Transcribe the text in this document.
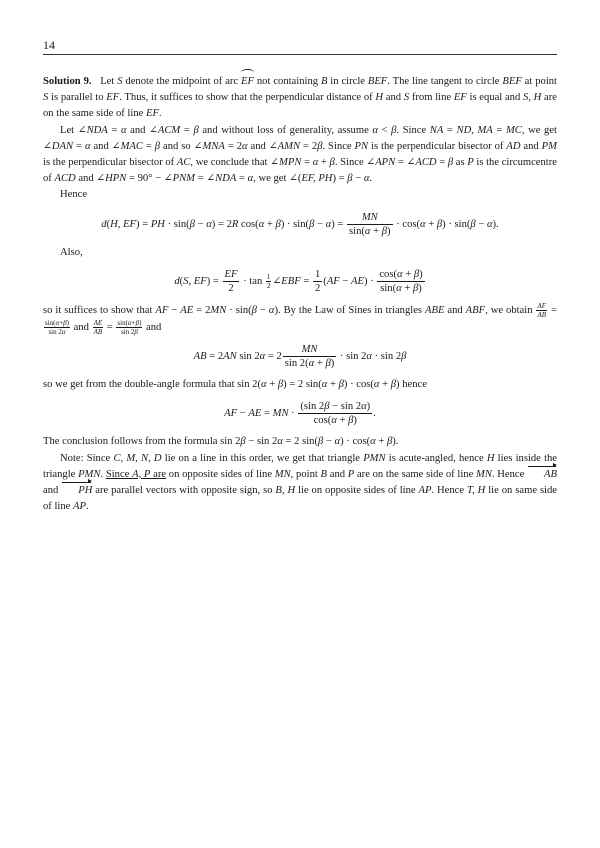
14

Solution 9.   Let S denote the midpoint of arc EF not containing B in circle BEF. The line tangent to circle BEF at point S is parallel to EF. Thus, it suffices to show that the perpendicular distance of H and S from line EF is equal and S, H are on the same side of line EF.

Let ∠NDA = α and ∠ACM = β and without loss of generality, assume α < β. Since NA = ND, MA = MC, we get ∠DAN = α and ∠MAC = β and so ∠MNA = 2α and ∠AMN = 2β. Since PN is the perpendicular bisector of AD and PM is the perpendicular bisector of AC, we conclude that ∠MPN = α + β. Since ∠APN = ∠ACD = β as P is the circumcentre of ACD and ∠HPN = 90° − ∠PNM = ∠NDA = α, we get ∠(EF, PH) = β − α.

Hence

d(H, EF) = PH · sin(β − α) = 2R $\cos(\alpha + \beta) \cdot \sin(\beta - \alpha) = \frac{MN}{\sin(\alpha + \beta)} \cdot \cos(\alpha + \beta) \cdot \sin(\beta - \alpha)$.

Also,

d(S, $EF) = \frac{EF}{2} \cdot \tan \frac{1}{2}$ ∠EBF = $\frac{1}{2} (AF - AE) \cdot \frac{\cos(\alpha + \beta)}{\sin(\alpha + \beta)}$

so it suffices to show that AF − AE = 2MN · sin(β − α). By the Law of Sines in triangles ABE and ABF, we obtain $\frac{AF}{AB}$ =
$\frac{\sin(\alpha+\beta)}{\sin 2\alpha}$ and $\frac{AE}{AB} = \frac{\sin(\alpha+\beta)}{\sin 2\beta}$ and

AB = 2AN $\sin 2\alpha = 2 \frac{MN}{\sin 2(\alpha + \beta)} \cdot \sin 2\alpha \cdot \sin 2\beta$

so we get from the double-angle formula that sin 2(α + β) = 2 sin(α + β) · cos(α + β) hence

AF − AE = MN · $\frac{(\sin 2\beta - \sin 2\alpha)}{\cos(\alpha + \beta)}$ .

The conclusion follows from the formula sin 2β − sin 2α = 2 sin(β − α) · cos(α + β).

Note: Since C, M, N, D lie on a line in this order, we get that triangle PMN is acute-angled, hence H lies inside the triangle PMN. Since A, P are on opposite sides of line MN, point B and P are on the same side of line MN. Hence AB and PH are parallel vectors with opposite sign, so B, H lie on opposite sides of line AP. Hence T, H lie on same side of line AP.
